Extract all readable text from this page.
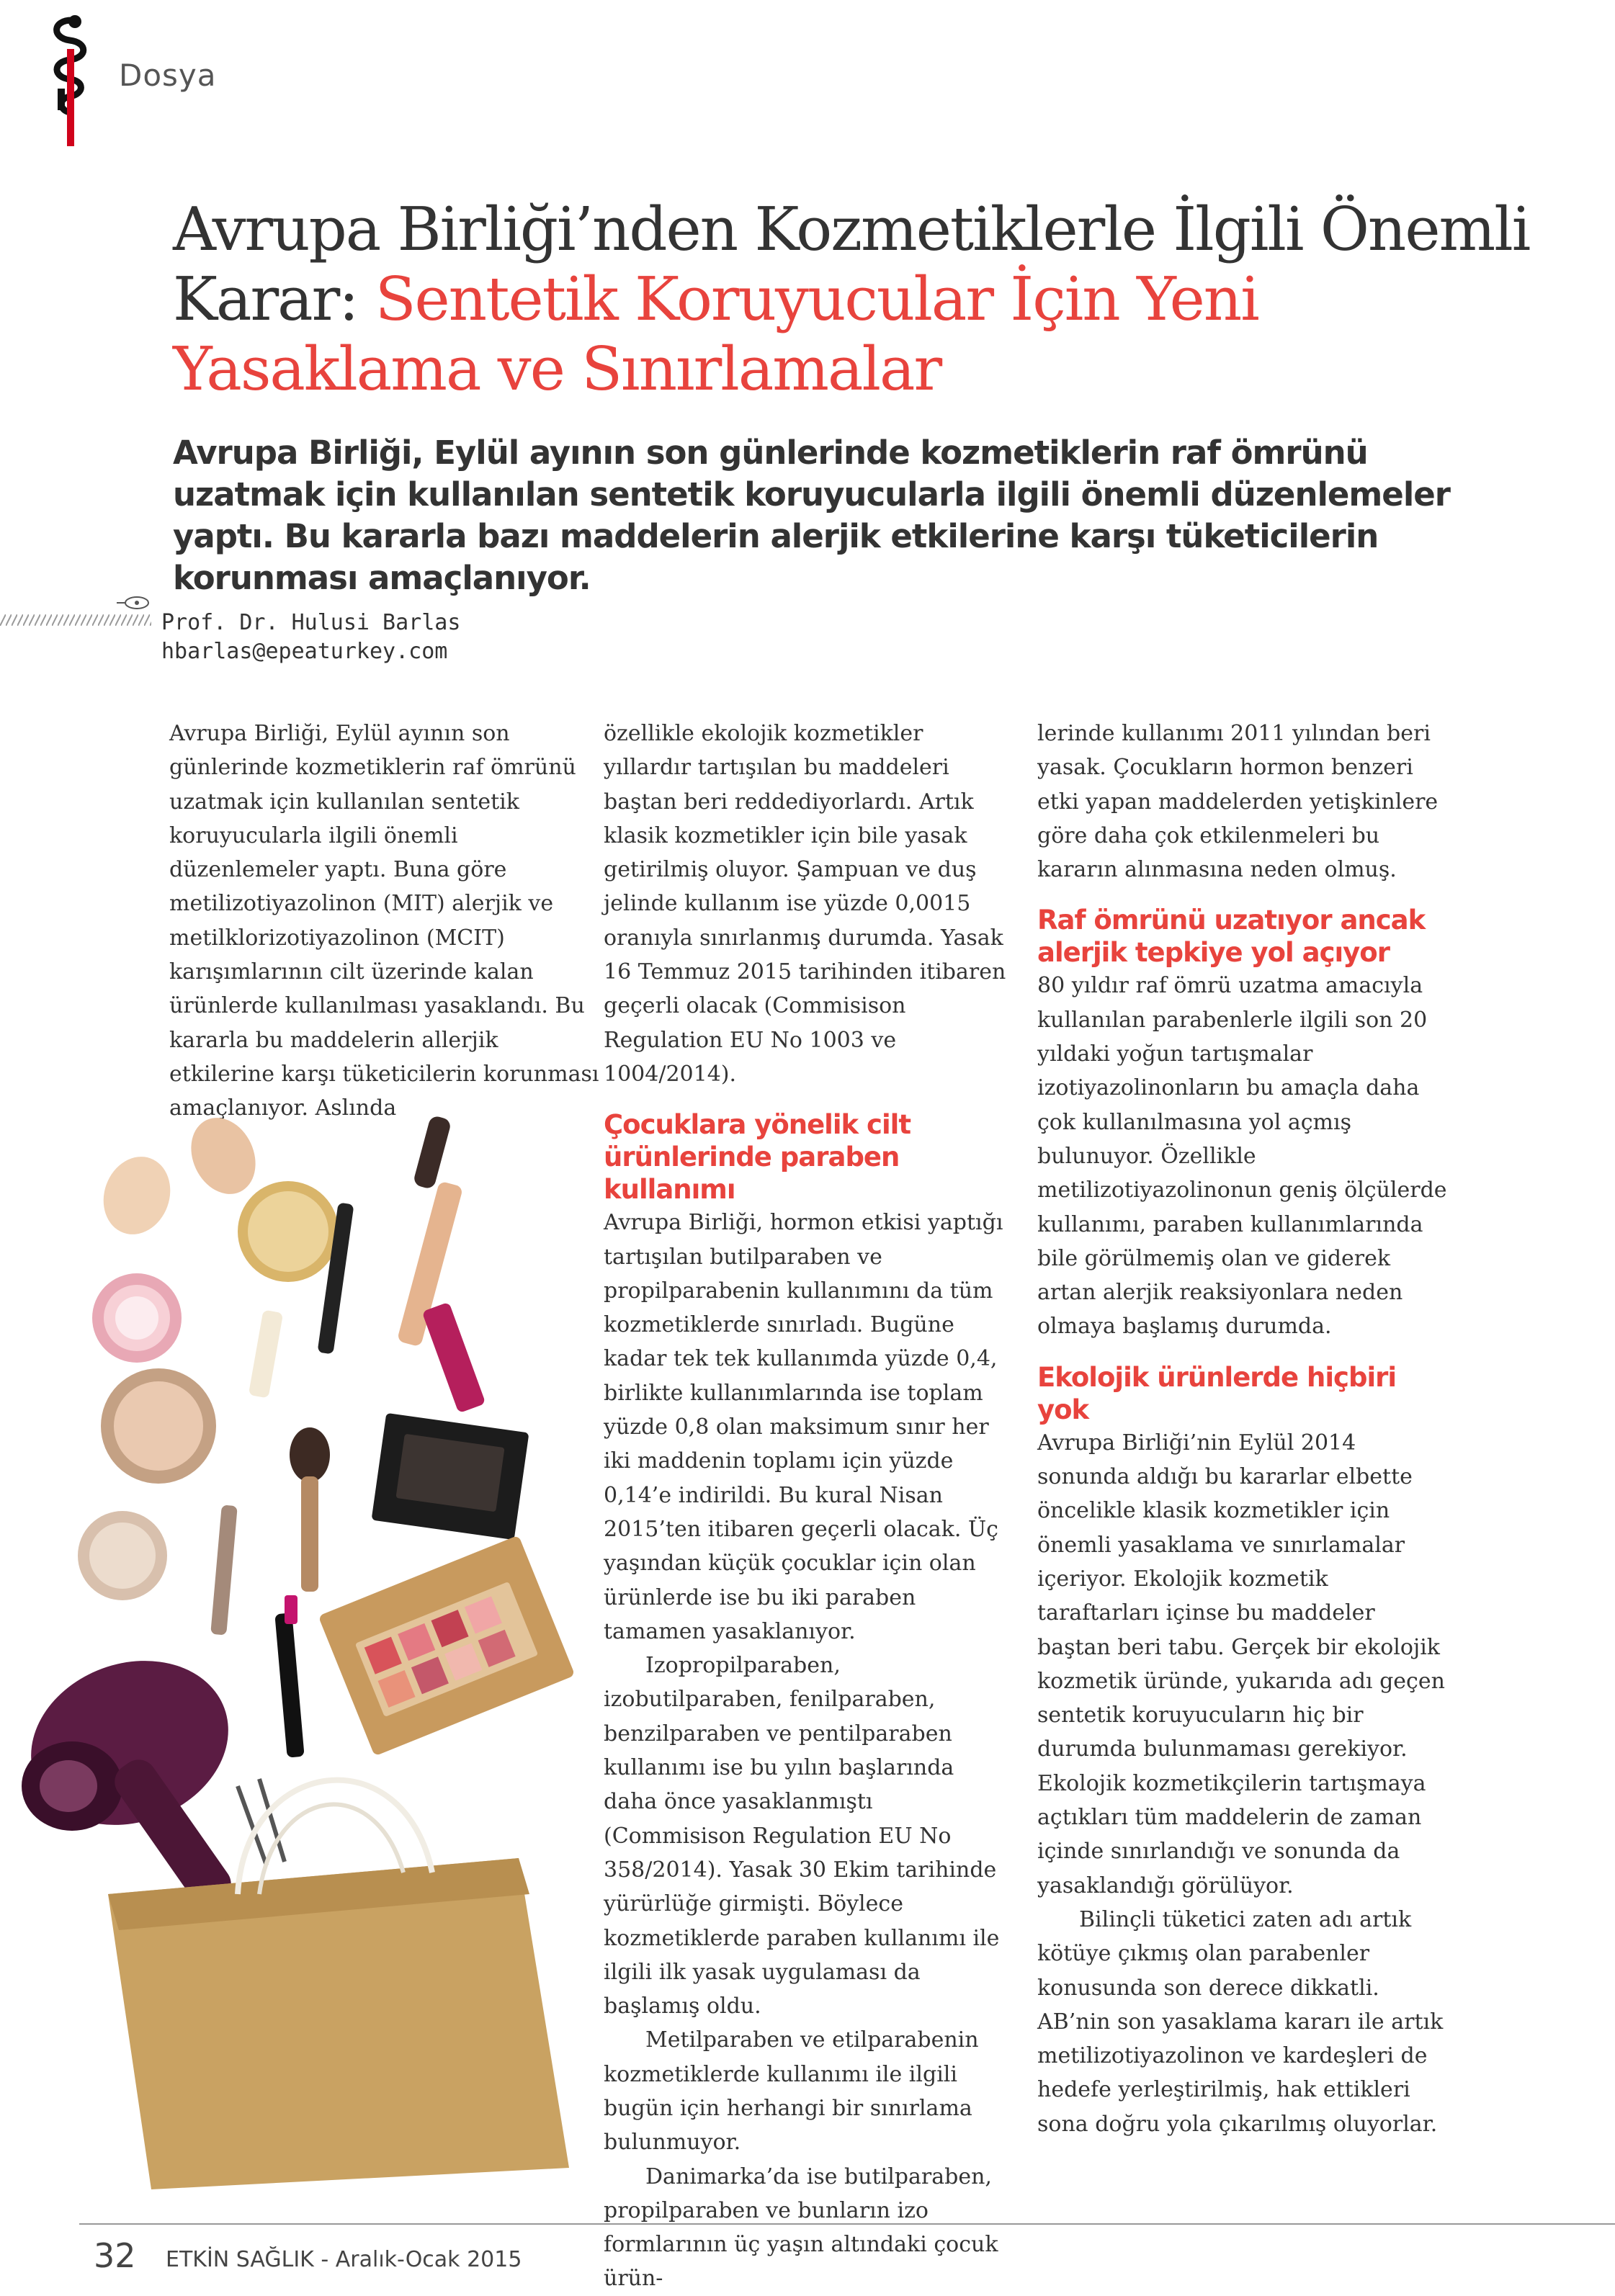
Dosya
Avrupa Birliği’nden Kozmetiklerle İlgili Önemli Karar: Sentetik Koruyucular İçin Yeni Yasaklama ve Sınırlamalar

Avrupa Birliği, Eylül ayının son günlerinde kozmetiklerin raf ömrünü uzatmak için kullanılan sentetik koruyucularla ilgili önemli düzenlemeler yaptı. Bu kararla bazı maddelerin alerjik etkilerine karşı tüketicilerin korunması amaçlanıyor.

Prof. Dr. Hulusi Barlas
hbarlas@epeaturkey.com

Avrupa Birliği, Eylül ayının son günlerinde kozmetiklerin raf ömrünü uzatmak için kullanılan sentetik koruyucularla ilgili önemli düzenlemeler yaptı. Buna göre metilizotiyazolinon (MIT) alerjik ve metilklorizotiyazolinon (MCIT) karışımlarının cilt üzerinde kalan ürünlerde kullanılması yasaklandı. Bu kararla bu maddelerin allerjik etkilerine karşı tüketicilerin korunması amaçlanıyor. Aslında

özellikle ekolojik kozmetikler yıllardır tartışılan bu maddeleri baştan beri reddediyorlardı. Artık klasik kozmetikler için bile yasak getirilmiş oluyor. Şampuan ve duş jelinde kullanım ise yüzde 0,0015 oranıyla sınırlanmış durumda. Yasak 16 Temmuz 2015 tarihinden itibaren geçerli olacak (Commisison Regulation EU No 1003 ve 1004/2014).

Çocuklara yönelik cilt ürünlerinde paraben kullanımı

Avrupa Birliği, hormon etkisi yaptığı tartışılan butilparaben ve propilparabenin kullanımını da tüm kozmetiklerde sınırladı. Bugüne kadar tek tek kullanımda yüzde 0,4, birlikte kullanımlarında ise toplam yüzde 0,8 olan maksimum sınır her iki maddenin toplamı için yüzde 0,14’e indirildi. Bu kural Nisan 2015’ten itibaren geçerli olacak. Üç yaşından küçük çocuklar için olan ürünlerde ise bu iki paraben tamamen yasaklanıyor.

Izopropilparaben, izobutilparaben, fenilparaben, benzilparaben ve pentilparaben kullanımı ise bu yılın başlarında daha önce yasaklanmıştı (Commisison Regulation EU No 358/2014). Yasak 30 Ekim tarihinde yürürlüğe girmişti. Böylece kozmetiklerde paraben kullanımı ile ilgili ilk yasak uygulaması da başlamış oldu.

Metilparaben ve etilparabenin kozmetiklerde kullanımı ile ilgili bugün için herhangi bir sınırlama bulunmuyor.

Danimarka’da ise butilparaben, propilparaben ve bunların izo formlarının üç yaşın altındaki çocuk ürün-

lerinde kullanımı 2011 yılından beri yasak. Çocukların hormon benzeri etki yapan maddelerden yetişkinlere göre daha çok etkilenmeleri bu kararın alınmasına neden olmuş.

Raf ömrünü uzatıyor ancak alerjik tepkiye yol açıyor

80 yıldır raf ömrü uzatma amacıyla kullanılan parabenlerle ilgili son 20 yıldaki yoğun tartışmalar izotiyazolinonların bu amaçla daha çok kullanılmasına yol açmış bulunuyor. Özellikle metilizotiyazolinonun geniş ölçülerde kullanımı, paraben kullanımlarında bile görülmemiş olan ve giderek artan alerjik reaksiyonlara neden olmaya başlamış durumda.

Ekolojik ürünlerde hiçbiri yok

Avrupa Birliği’nin Eylül 2014 sonunda aldığı bu kararlar elbette öncelikle klasik kozmetikler için önemli yasaklama ve sınırlamalar içeriyor. Ekolojik kozmetik taraftarları içinse bu maddeler baştan beri tabu. Gerçek bir ekolojik kozmetik üründe, yukarıda adı geçen sentetik koruyucuların hiç bir durumda bulunmaması gerekiyor. Ekolojik kozmetikçilerin tartışmaya açtıkları tüm maddelerin de zaman içinde sınırlandığı ve sonunda da yasaklandığı görülüyor.

Bilinçli tüketici zaten adı artık kötüye çıkmış olan parabenler konusunda son derece dikkatli. AB’nin son yasaklama kararı ile artık metilizotiyazolinon ve kardeşleri de hedefe yerleştirilmiş, hak ettikleri sona doğru yola çıkarılmış oluyorlar.

32 ETKİN SAĞLIK - Aralık-Ocak 2015
